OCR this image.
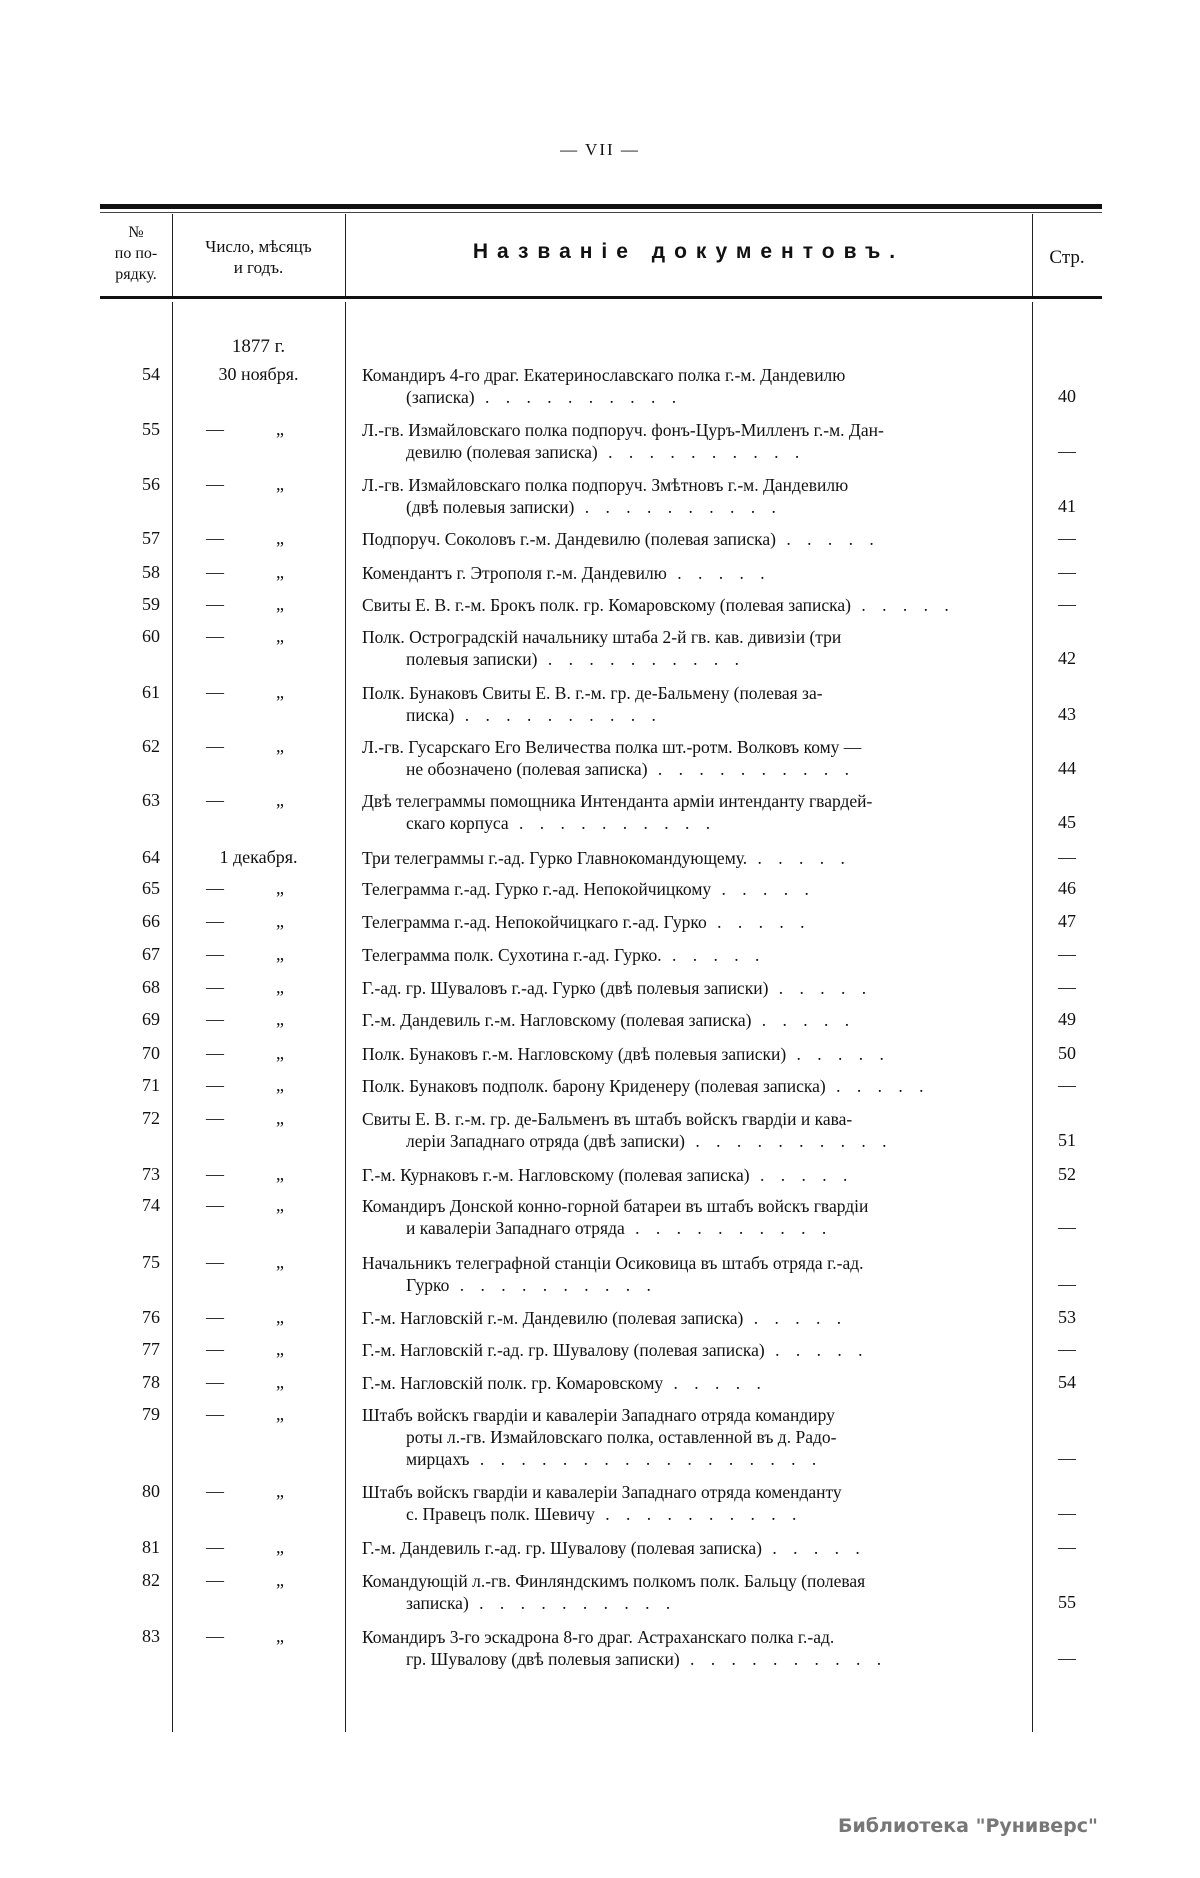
— VII —
№
по по-
рядку.
Число, мѣсяцъ
и годъ.
Названіе документовъ.	Стр.
1877 г.
54	30 ноября.	Командиръ 4-го драг. Екатеринославскаго полка г.-м. Дандевилю
(записка) . . . . . . . . . .	40
55	—	„	Л.-гв. Измайловскаго полка подпоруч. фонъ-Цуръ-Милленъ г.-м. Дан-
девилю (полевая записка) . . . . . . . . . .	—
56	—	„	Л.-гв. Измайловскаго полка подпоруч. Змѣтновъ г.-м. Дандевилю
(двѣ полевыя записки) . . . . . . . . . .	41
57	—	„	Подпоруч. Соколовъ г.-м. Дандевилю (полевая записка) . . . . .	—
58	—	„	Комендантъ г. Этрополя г.-м. Дандевилю . . . . .	—
59	—	„	Свиты Е. В. г.-м. Брокъ полк. гр. Комаровскому (полевая записка) . . . . .	—
60	—	„	Полк. Остроградскій начальнику штаба 2-й гв. кав. дивизіи (три
полевыя записки) . . . . . . . . . .	42
61	—	„	Полк. Бунаковъ Свиты Е. В. г.-м. гр. де-Бальмену (полевая за-
писка) . . . . . . . . . .	43
62	—	„	Л.-гв. Гусарскаго Его Величества полка шт.-ротм. Волковъ кому —
не обозначено (полевая записка) . . . . . . . . . .	44
63	—	„	Двѣ телеграммы помощника Интенданта арміи интенданту гвардей-
скаго корпуса . . . . . . . . . .	45
64	1 декабря.	Три телеграммы г.-ад. Гурко Главнокомандующему. . . . . .	—
65	—	„	Телеграмма г.-ад. Гурко г.-ад. Непокойчицкому . . . . .	46
66	—	„	Телеграмма г.-ад. Непокойчицкаго г.-ад. Гурко . . . . .	47
67	—	„	Телеграмма полк. Сухотина г.-ад. Гурко. . . . . .	—
68	—	„	Г.-ад. гр. Шуваловъ г.-ад. Гурко (двѣ полевыя записки) . . . . .	—
69	—	„	Г.-м. Дандевиль г.-м. Нагловскому (полевая записка) . . . . .	49
70	—	„	Полк. Бунаковъ г.-м. Нагловскому (двѣ полевыя записки) . . . . .	50
71	—	„	Полк. Бунаковъ подполк. барону Криденеру (полевая записка) . . . . .	—
72	—	„	Свиты Е. В. г.-м. гр. де-Бальменъ въ штабъ войскъ гвардіи и кава-
леріи Западнаго отряда (двѣ записки) . . . . . . . . . .	51
73	—	„	Г.-м. Курнаковъ г.-м. Нагловскому (полевая записка) . . . . .	52
74	—	„	Командиръ Донской конно-горной батареи въ штабъ войскъ гвардіи
и кавалеріи Западнаго отряда . . . . . . . . . .	—
75	—	„	Начальникъ телеграфной станціи Осиковица въ штабъ отряда г.-ад.
Гурко . . . . . . . . . .	—
76	—	„	Г.-м. Нагловскій г.-м. Дандевилю (полевая записка) . . . . .	53
77	—	„	Г.-м. Нагловскій г.-ад. гр. Шувалову (полевая записка) . . . . .	—
78	—	„	Г.-м. Нагловскій полк. гр. Комаровскому . . . . .	54
79	—	„	Штабъ войскъ гвардіи и кавалеріи Западнаго отряда командиру
роты л.-гв. Измайловскаго полка, оставленной въ д. Радо-
мирцахъ . . . . . . . . . . . . . . . . .	—
80	—	„	Штабъ войскъ гвардіи и кавалеріи Западнаго отряда коменданту
с. Правецъ полк. Шевичу . . . . . . . . . .	—
81	—	„	Г.-м. Дандевиль г.-ад. гр. Шувалову (полевая записка) . . . . .	—
82	—	„	Командующій л.-гв. Финляндскимъ полкомъ полк. Бальцу (полевая
записка) . . . . . . . . . .	55
83	—	„	Командиръ 3-го эскадрона 8-го драг. Астраханскаго полка г.-ад.
гр. Шувалову (двѣ полевыя записки) . . . . . . . . . .	—
Библиотека "Руниверс"
